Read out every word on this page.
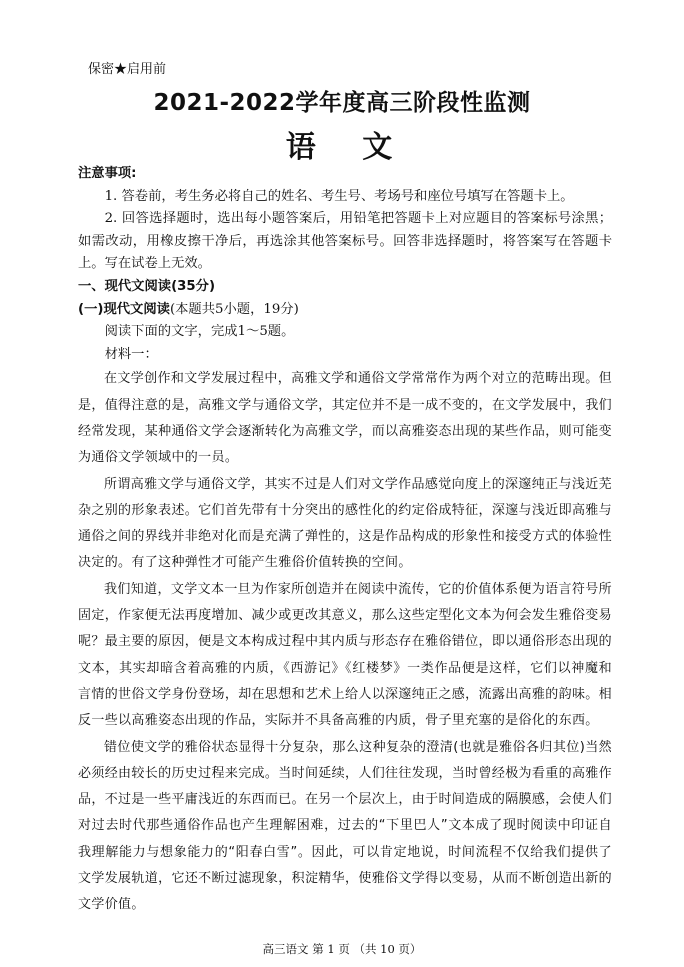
保密★启用前
2021-2022学年度高三阶段性监测
语 文

注意事项:

1. 答卷前，考生务必将自己的姓名、考生号、考场号和座位号填写在答题卡上。

2. 回答选择题时，选出每小题答案后，用铅笔把答题卡上对应题目的答案标号涂黑；如需改动，用橡皮擦干净后，再选涂其他答案标号。回答非选择题时，将答案写在答题卡上。写在试卷上无效。

一、现代文阅读(35分)

(一)现代文阅读(本题共5小题，19分)

阅读下面的文字，完成1～5题。

材料一：

在文学创作和文学发展过程中，高雅文学和通俗文学常常作为两个对立的范畴出现。但是，值得注意的是，高雅文学与通俗文学，其定位并不是一成不变的，在文学发展中，我们经常发现，某种通俗文学会逐渐转化为高雅文学，而以高雅姿态出现的某些作品，则可能变为通俗文学领域中的一员。

所谓高雅文学与通俗文学，其实不过是人们对文学作品感觉向度上的深邃纯正与浅近芜杂之别的形象表述。它们首先带有十分突出的感性化的约定俗成特征，深邃与浅近即高雅与通俗之间的界线并非绝对化而是充满了弹性的，这是作品构成的形象性和接受方式的体验性决定的。有了这种弹性才可能产生雅俗价值转换的空间。

我们知道，文学文本一旦为作家所创造并在阅读中流传，它的价值体系便为语言符号所固定，作家便无法再度增加、减少或更改其意义，那么这些定型化文本为何会发生雅俗变易呢？最主要的原因，便是文本构成过程中其内质与形态存在雅俗错位，即以通俗形态出现的文本，其实却暗含着高雅的内质，《西游记》《红楼梦》一类作品便是这样，它们以神魔和言情的世俗文学身份登场，却在思想和艺术上给人以深邃纯正之感，流露出高雅的韵味。相反一些以高雅姿态出现的作品，实际并不具备高雅的内质，骨子里充塞的是俗化的东西。

错位使文学的雅俗状态显得十分复杂，那么这种复杂的澄清(也就是雅俗各归其位)当然必须经由较长的历史过程来完成。当时间延续，人们往往发现，当时曾经极为看重的高雅作品，不过是一些平庸浅近的东西而已。在另一个层次上，由于时间造成的隔膜感，会使人们对过去时代那些通俗作品也产生理解困难，过去的“下里巴人”文本成了现时阅读中印证自我理解能力与想象能力的“阳春白雪”。因此，可以肯定地说，时间流程不仅给我们提供了文学发展轨道，它还不断过滤现象，积淀精华，使雅俗文学得以变易，从而不断创造出新的文学价值。

高三语文 第 1 页 （共 10 页）
